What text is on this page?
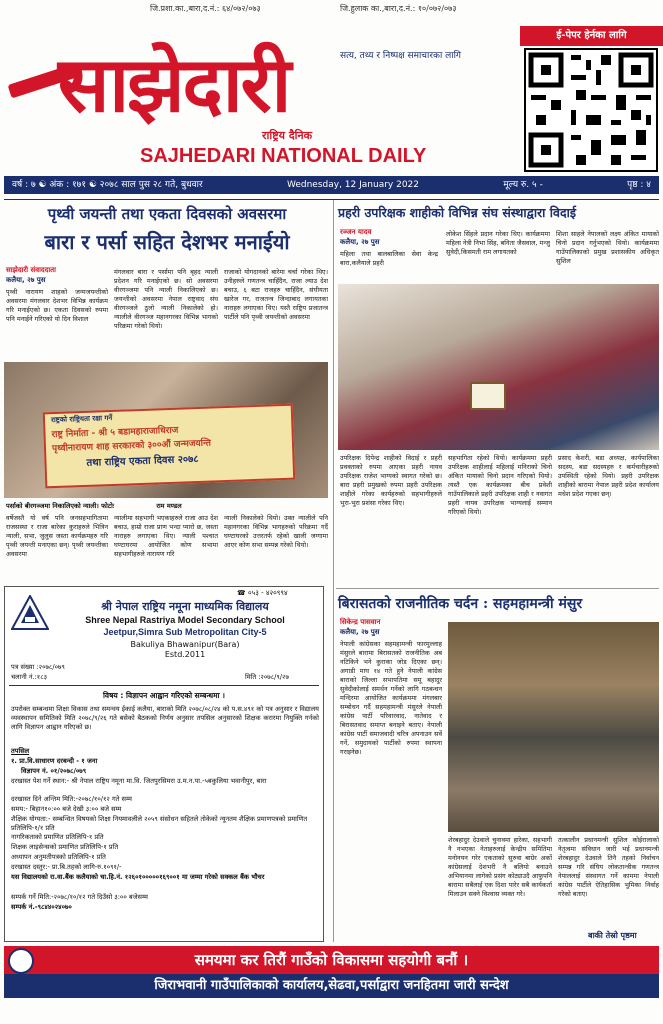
जि.प्रशा.का.,बारा,द.नं.: ६४/०७२/०७३	जि.हुलाक का.,बारा,द.नं.: १०/०७२/०७३
साझेदारी	सत्य, तथ्य र निष्पक्ष समाचारका लागि
राष्ट्रिय दैनिक
SAJHEDARI NATIONAL DAILY
ई-पेपर हेर्नका लागि
वर्ष : ७ ☯ अंक : १७१ ☯ २०७८ साल पुस २८ गते, बुधवार	Wednesday, 12 January 2022	मूल्य रु. ५ -	पृष्ठ : ४
पृथ्वी जयन्ती तथा एकता दिवसको अवसरमा
बारा र पर्सा सहित देशभर मनाईयो
साझेदारी संवाददाता
कलैया, २७ पुस
पृथ्वी नारायण शाहको जन्मजयन्तीको अवसरमा मंगलवार देशभर विभिन्न कार्यक्रम गरि मनाईएको छ। एकता दिवसको रुपमा पनि मनाईने गरिएको यो दिन विशाल
मंगलवार बारा र पर्सामा पनि बृहद न्याली प्रदेशन गरि मनाईएको छ। सो अवसरमा वीरगञ्जमा पनि न्याली निकालिएको छ। जयन्तीको अवसरमा नेपाल राष्ट्रवाद संघ वीरगञ्जले ठुलो न्याली निकालेको हो। न्यालीले वीरगञ्ज महानगरका विभिन्न भागको परिक्रमा गरेको थियो।
राजाको योगदानको बारेमा चर्चा गरेका थिए। उनीहरुले गणतन्त्र चाहिँदैन, राजा ल्याउ देश बचाउ, ६ बटा राजहरु चाहिँदैन, संघीयता खारेज गर, राजतन्त्र जिन्दाबाद लगायतका नाराहरु लगाएका थिए। यस्तै राष्ट्रिय प्रजातन्त्र पार्टीले पनि पृथ्वी जयन्तीको अवसरमा
राष्ट्रको राष्ट्रियता रक्षा गर्ने
राष्ट्र निर्माता - श्री ५ बडामहाराजाधिराज
पृथ्वीनारायण शाह सरकारको ३००औं जन्मजयन्ति
तथा राष्ट्रिय एकता दिवस २०७८
पर्साको बीरगञ्जमा निकालिएको न्याली। फोटोः	राम मण्डल
वर्षेजस्तै यो वर्ष पनि जनसहभागितामा राजसस्था र राजा बारेका कुराहरुले भित्रिन न्याली, सभा, जुलुस जस्ता कार्यक्रमहरु गरि पृथ्वी जयन्ती मनाएका छन्। पृथ्वी जयन्तीका अवसरमा
न्यालीमा सहभागी भएकाहरुले राजा आउ देश बचाउ, हाम्रो राजा प्राण भन्दा प्यारो छ, जस्ता नाराहरु लगाएका थिए। न्याली पश्चात घण्टाघरमा आयोजित कोण सभामा सहभागीहरुले नारायण गरि
न्याली निकालेको थियो। उक्त न्यालीले पनि महानगरका विभिन्न भागहरुको परिक्रमा गर्दै घण्टाघरको उत्तरतर्फ रहेको खाली जग्गामा आएर कोण सभा सम्पन्न गरेको थियो।
☎ ०५३ - ४२०९९४
श्री नेपाल राष्ट्रिय नमूना माध्यमिक विद्यालय
Shree Nepal Rastriya Model Secondary School
Jeetpur,Simra Sub Metropolitan City-5
Bakuliya Bhawanipur(Bara)
Estd.2011
पत्र संख्या :२०७८/०७९
चलानी नं.:१८३	मिति :२०७८/९/२७
विषय : विज्ञापन आह्वान गरिएको सम्बन्धमा ।
उपरोक्त सम्बन्धमा शिक्षा विकास तथा समन्वय ईकाई कलैया, बाराको मिति २०७८/०८/२४ को प.स.४९१ को पत्र अनुसार र विद्यालय व्यवस्थापन समितिको मिति २०७८/९/२६ गते बसेको बैठकको निर्णय अनुसार तपसिल अनुसारको शिक्षक करारमा नियुक्ति गर्नको लागि विज्ञापन आह्वान गरिएको छ।
तपसिल
१. प्रा.वि.साधारण दरबन्दी - १ जना
विज्ञापन नं. ०१/२०७८/०७९
दरखास्त पेश गर्ने स्थान:- श्री नेपाल राष्ट्रिय नमूना मा.वि. जितपुरसिमरा उ.म.न.पा.-५बकुलिया भवानीपुर, बारा
दरखास्त दिने अन्तिम मिति:-२०७८/१०/१२ गते सम्म
समय:- बिहान१०:०० बजे देखी ३:०० बजे सम्म
शैक्षिक योग्यता:- सम्बन्धित विषयको शिक्षा नियमावलीले २०५९ संसोधन सहितले तोकेको न्यूनतम शैक्षिक प्रमाणपत्रको प्रमाणित प्रतिलिपि-१/१ प्रति
नागरिकताको प्रमाणित प्रतिलिपि-१ प्रति
शिक्षक लाइसेन्सको प्रमाणित प्रतिलिपि-१ प्रति
अध्यापन अनुमतीपत्रको प्रतिलिपि-१ प्रति
दरखास्त दस्तुर:- प्रा.बि.तहको लागि-रु.१०९१/-
यस विद्यालयको रा.वा.बैंक कलैयाको चा.हि.नं. १२६०१०००००१६९००१ मा जम्मा गरेको सक्कल बैंक भौचर
सम्पर्क गर्ने मिति:-२०७८/१०/१२ गते दिउँसो ३:०० बजेसम्म
सम्पर्क नं.-९८४४०२४०७०
प्रहरी उपरिक्षक शाहीको विभिन्न संघ संस्थाद्वारा विदाई
रञ्जन यादव
कलैया, २७ पुस
महिला तथा बालबालिका सेवा केन्द्र बारा,कलैयाले प्रहरी
लोकेश सिंहले प्रदान गरेका थिए। कार्यक्रममा महिला नेत्री निभा सिंह, बनिता जैसवाल, मन्जु सुवेदी,किसमती राम लगायतको
शिशा साहले नेपालको लक्ष्य अंकित मायाको चिनो प्रदान गर्नुभएको थियो। कार्यक्रममा गाउँपालिकाको प्रमुख प्रशासकीय अधिकृत सुशिल
उपरिक्षक दिपेन्द्र शाहीको विदाई र प्रहरी प्रवक्ताको रुपमा आएका प्रहरी नायव उपरिक्षक राजेश भाग्यको स्वागत गरेको छ। बारा प्रहरी प्रमुखको रुपमा प्रहरी उपरिक्षक शाहीले गरेका कार्यहरुको सहभागीहरुले भुरा-भुरा प्रशंसा गरेका थिए।
सहभागिता रहेको थियो। कार्यक्रममा प्रहरी उपरिक्षक शाहीलाई महिलाई मनिराको चिनो अंकित मायाको चिनो प्रदान गरिएको थियो। त्यस्तै एक कार्यक्रमका बीच प्रवेशी गाउँपालिकाले प्रहरी उपरिक्षक शाही र नवागत प्रहरी नायव उपरिक्षक भाग्यलाई सम्मान गरिएको थियो।
प्रसाद केशरी, बडा अध्यक्ष, कार्यपालिका सदस्य, बडा सदस्यहरु र कर्मचारीहरुको उपस्थिती रहेको थियो। प्रहरी उपरिक्षक शाहीको बारामा नेपाल प्रहरी प्रदेश कार्यालय मधेश प्रदेश गएका छन्।
बिरासतको राजनीतिक चर्दन : सहमहामन्त्री मंसुर
सिकेन्द्र पासवान
कलैया, २७ पुस
नेपाली कांग्रेसका सहमहामन्त्री फारमुल्लाह मंसुरले बारामा बिरासतको राजनीतिक अब नटिकिने भने कुराका जोड दिएका छन्। अगाडी माघ १४ गते हुने नेपाली कांग्रेस बाराको जिल्ला सभापतिमा समू बहादुर सुवेदीकोलाई समर्थन गर्नेको लागि गठबन्धन मन्दिरमा आयोजित कार्यक्रममा मंगलबार सम्बोधन गर्दै सहमहामन्त्री मंसुरले नेपाली कांग्रेस पार्टी परिवारवाद, नातेवाद र बिरासतवाद समाप्त बनाइने बताए। नेपाली कांग्रेस पार्टी समाजवादी चरित्र अपनाउन सर्वे गर्ने, समुदायको पार्टीको रुपमा स्थापना गराइनेछ।
शेरबहादुर देउवाले चुनावमा हारेका, सहभागी नै नभएका नेताहरुलाई केन्द्रीय समितिमा मनोनयन गरेर एकताको सुरुवा बाग्रेर अर्को कांग्रेसलाई देशभरी नै बलियो बनाउने अभियानमा लागेको प्रसंग कोट्याउदै आफुपनि बारामा सबैलाई एक दिशा पारेर सबै कार्यकर्ता मिलाउन सक्ने विश्वास व्यक्त गरे।
तत्कालीन प्रधानमन्त्री सुशिल कोईरालाको नेतृत्वमा संविधान जारी भई प्रधानमन्त्री शेरबहादुर देउवाले तिनै तहको निर्वाचन सम्पन्न गरि संघिय लोकतान्त्रीक गणतन्त्र नेपाललाई संस्थागत गर्ने काममा नेपाली कांग्रेस पार्टीले ऐतिहासिक भुमिका निर्वाह गरेको बताए।
बाकी तेस्रो पृष्ठमा
समयमा कर तिरौं गाउँको विकासमा सहयोगी बनौं ।
जिराभवानी गाउँपालिकाको कार्यालय,सेढवा,पर्साद्वारा जनहितमा जारी सन्देश
